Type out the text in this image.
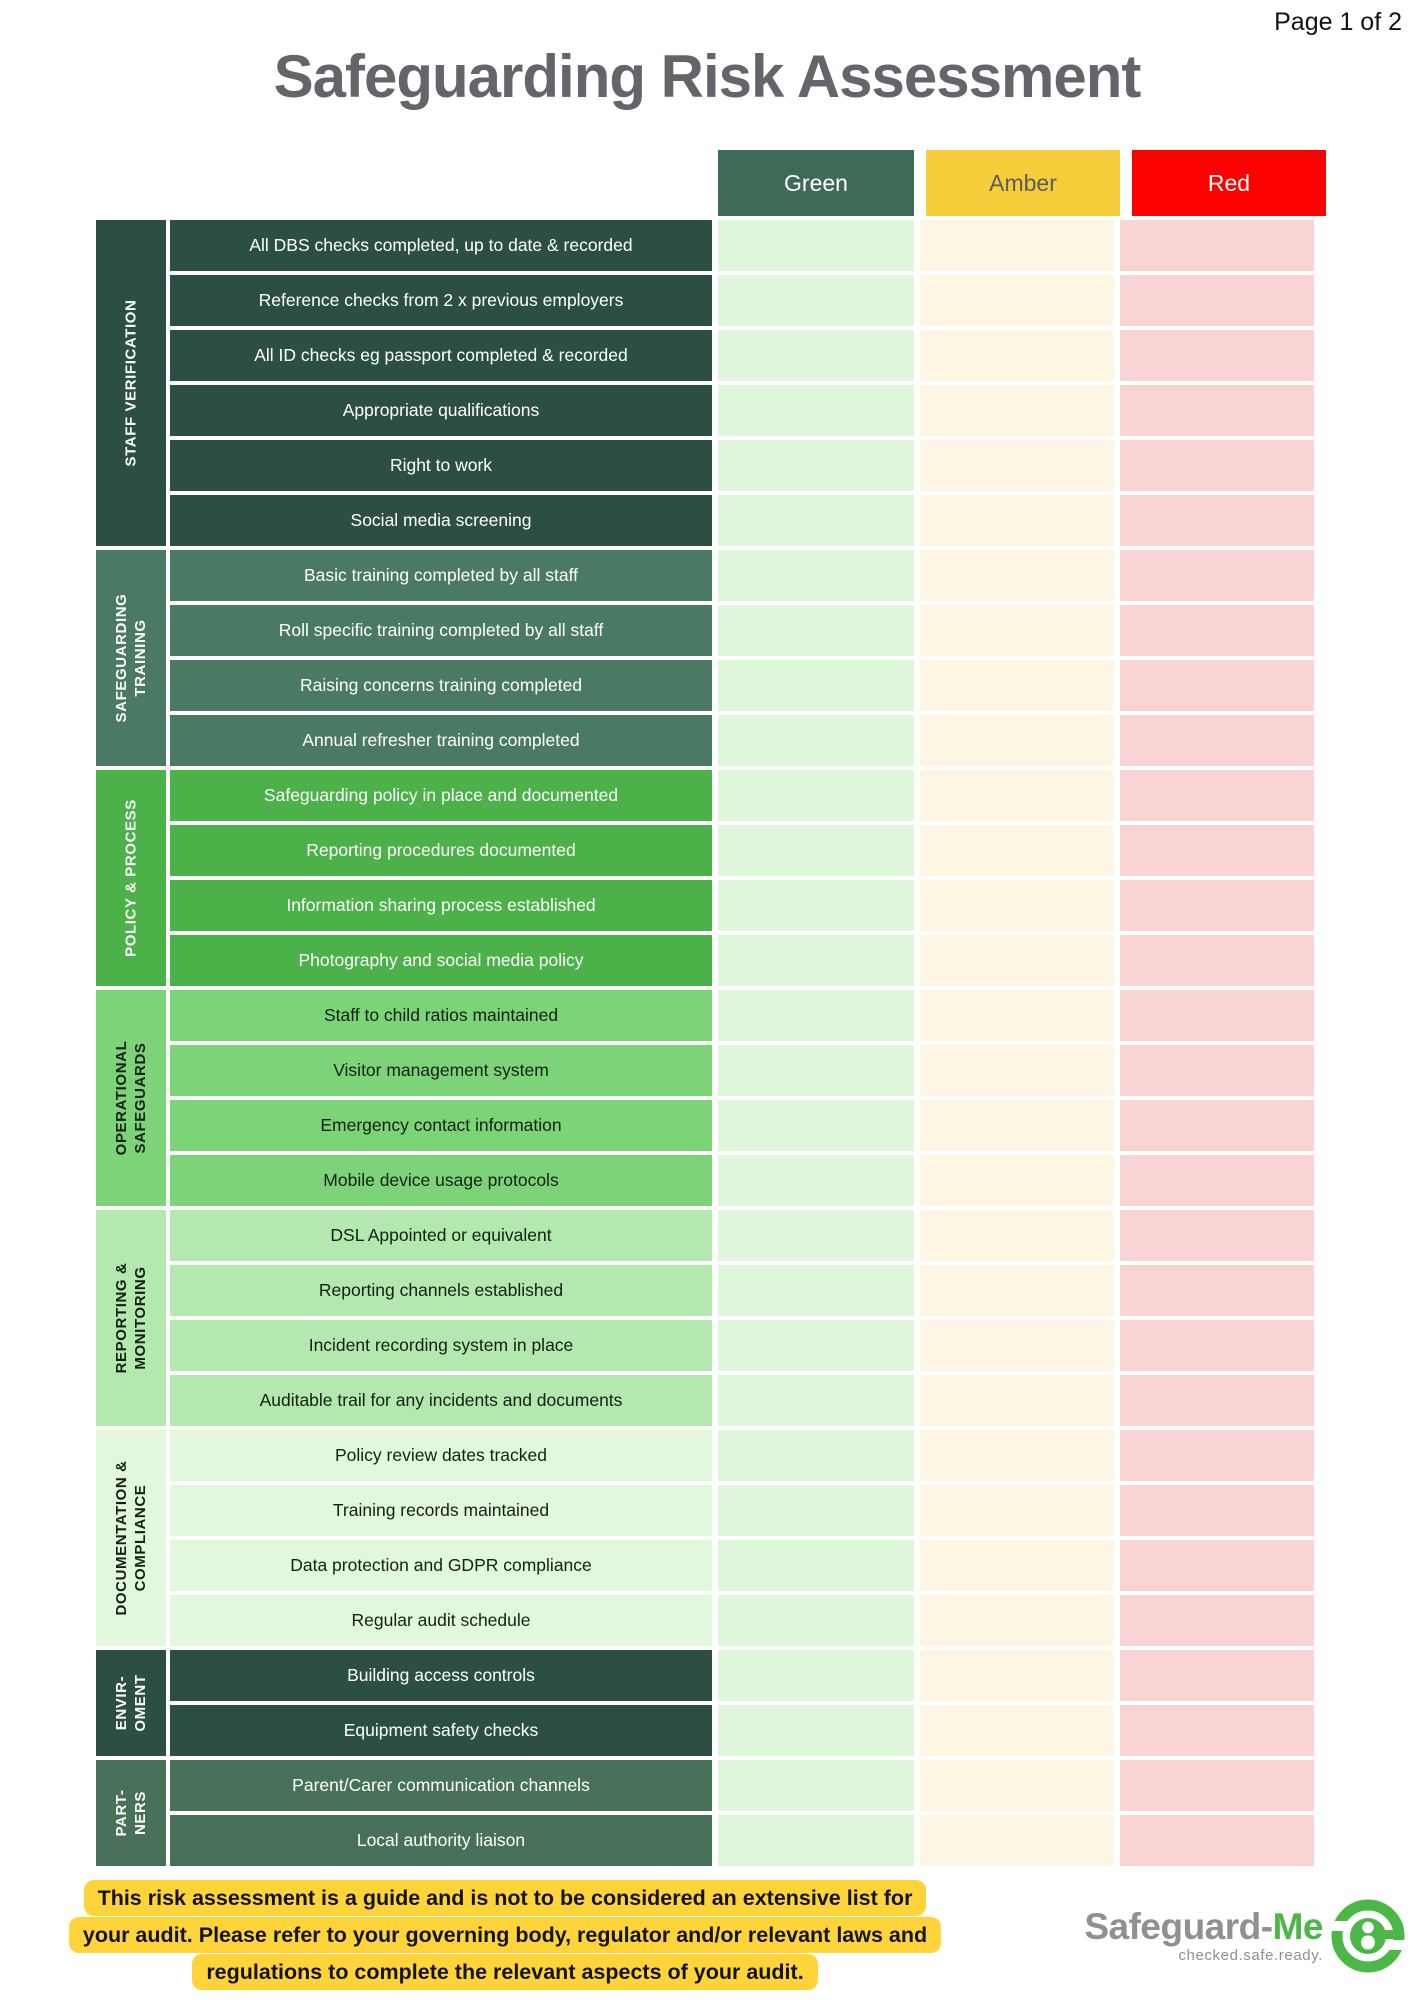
Page 1 of 2
Safeguarding Risk Assessment
Green	Amber	Red
STAFF VERIFICATION
All DBS checks completed, up to date & recorded
Reference checks from 2 x previous employers
All ID checks eg passport completed & recorded
Appropriate qualifications
Right to work
Social media screening
SAFEGUARDING TRAINING
Basic training completed by all staff
Roll specific training completed by all staff
Raising concerns training completed
Annual refresher training completed
POLICY & PROCESS
Safeguarding policy in place and documented
Reporting procedures documented
Information sharing process established
Photography and social media policy
OPERATIONAL SAFEGUARDS
Staff to child ratios maintained
Visitor management system
Emergency contact information
Mobile device usage protocols
REPORTING & MONITORING
DSL Appointed or equivalent
Reporting channels established
Incident recording system in place
Auditable trail for any incidents and documents
DOCUMENTATION & COMPLIANCE
Policy review dates tracked
Training records maintained
Data protection and GDPR compliance
Regular audit schedule
ENVIR- OMENT	Building access controls
Equipment safety checks
PART- NERS
Parent/Carer communication channels
Local authority liaison
This risk assessment is a guide and is not to be considered an extensive list for
your audit. Please refer to your governing body, regulator and/or relevant laws and
regulations to complete the relevant aspects of your audit.
Safeguard-Me
checked.safe.ready.
